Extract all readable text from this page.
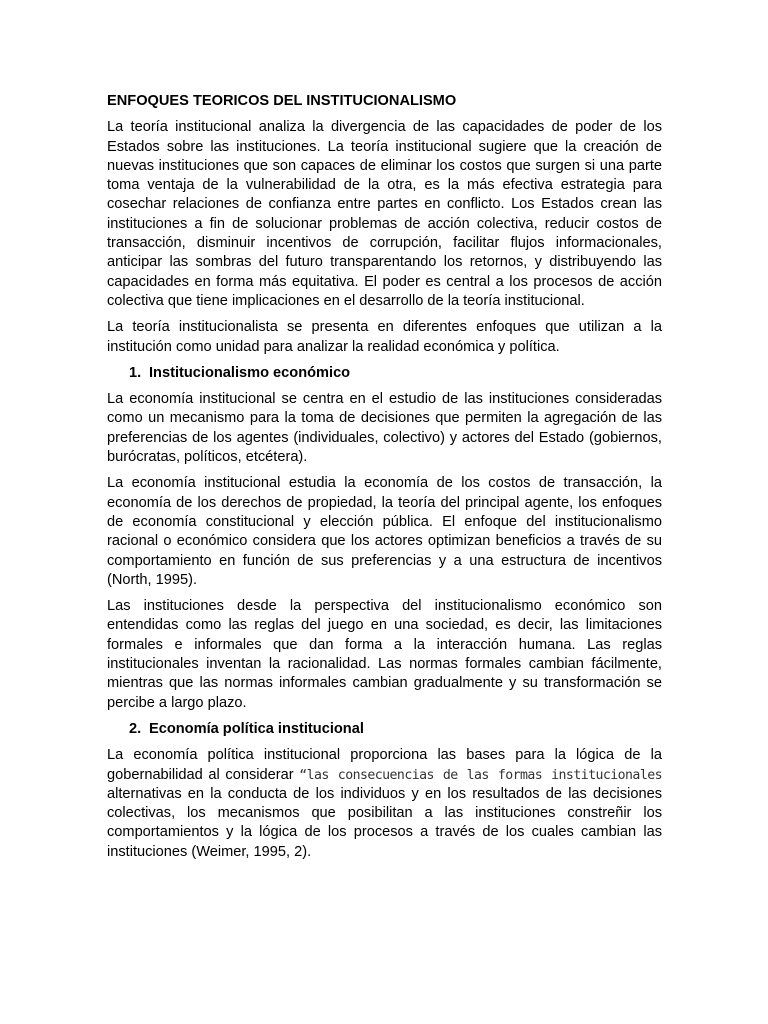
ENFOQUES TEORICOS DEL INSTITUCIONALISMO

La teoría institucional analiza la divergencia de las capacidades de poder de los Estados sobre las instituciones. La teoría institucional sugiere que la creación de nuevas instituciones que son capaces de eliminar los costos que surgen si una parte toma ventaja de la vulnerabilidad de la otra, es la más efectiva estrategia para cosechar relaciones de confianza entre partes en conflicto. Los Estados crean las instituciones a fin de solucionar problemas de acción colectiva, reducir costos de transacción, disminuir incentivos de corrupción, facilitar flujos informacionales, anticipar las sombras del futuro transparentando los retornos, y distribuyendo las capacidades en forma más equitativa. El poder es central a los procesos de acción colectiva que tiene implicaciones en el desarrollo de la teoría institucional.

La teoría institucionalista se presenta en diferentes enfoques que utilizan a la institución como unidad para analizar la realidad económica y política.

1. Institucionalismo económico

La economía institucional se centra en el estudio de las instituciones consideradas como un mecanismo para la toma de decisiones que permiten la agregación de las preferencias de los agentes (individuales, colectivo) y actores del Estado (gobiernos, burócratas, políticos, etcétera).

La economía institucional estudia la economía de los costos de transacción, la economía de los derechos de propiedad, la teoría del principal agente, los enfoques de economía constitucional y elección pública. El enfoque del institucionalismo racional o económico considera que los actores optimizan beneficios a través de su comportamiento en función de sus preferencias y a una estructura de incentivos (North, 1995).

Las instituciones desde la perspectiva del institucionalismo económico son entendidas como las reglas del juego en una sociedad, es decir, las limitaciones formales e informales que dan forma a la interacción humana. Las reglas institucionales inventan la racionalidad. Las normas formales cambian fácilmente, mientras que las normas informales cambian gradualmente y su transformación se percibe a largo plazo.

2. Economía política institucional

La economía política institucional proporciona las bases para la lógica de la gobernabilidad al considerar “las consecuencias de las formas institucionales alternativas en la conducta de los individuos y en los resultados de las decisiones colectivas, los mecanismos que posibilitan a las instituciones constreñir los comportamientos y la lógica de los procesos a través de los cuales cambian las instituciones (Weimer, 1995, 2).
